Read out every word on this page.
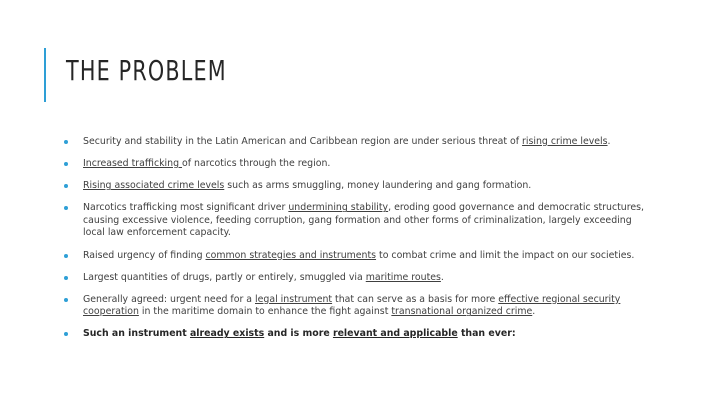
THE PROBLEM
Security and stability in the Latin American and Caribbean region are under serious threat of rising crime levels.
Increased trafficking of narcotics through the region.
Rising associated crime levels such as arms smuggling, money laundering and gang formation.
Narcotics trafficking most significant driver undermining stability, eroding good governance and democratic structures, causing excessive violence, feeding corruption, gang formation and other forms of criminalization, largely exceeding local law enforcement capacity.
Raised urgency of finding common strategies and instruments to combat crime and limit the impact on our societies.
Largest quantities of drugs, partly or entirely, smuggled via maritime routes.
Generally agreed: urgent need for a legal instrument that can serve as a basis for more effective regional security cooperation in the maritime domain to enhance the fight against transnational organized crime.
Such an instrument already exists and is more relevant and applicable than ever:
